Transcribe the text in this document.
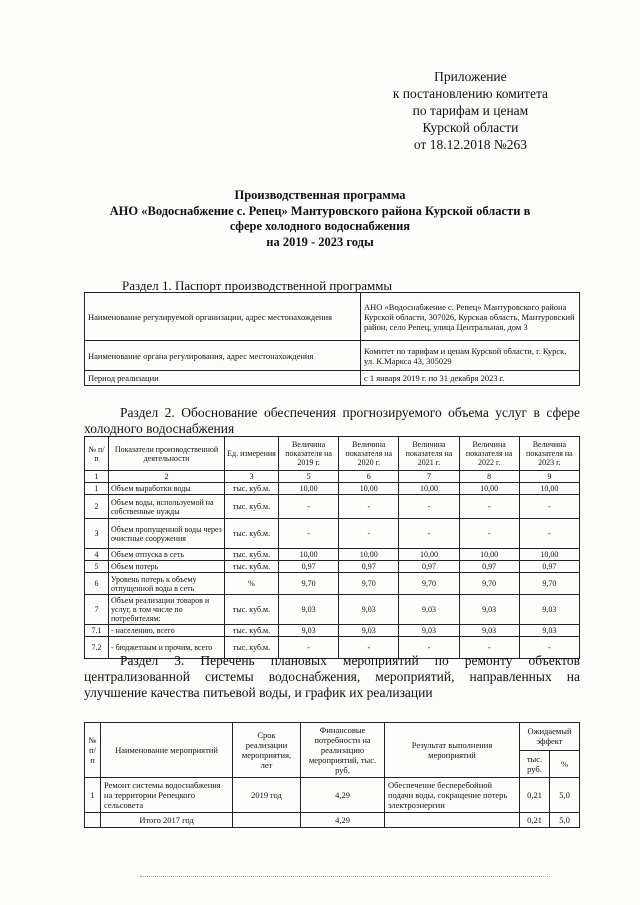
Приложение
к постановлению комитета
по тарифам и ценам
Курской области
от 18.12.2018 №263
Производственная программа
АНО «Водоснабжение с. Репец» Мантуровского района Курской области в
сфере холодного водоснабжения
на 2019 - 2023 годы
Раздел 1. Паспорт производственной программы
Наименование регулируемой организации, адрес местонахождения	АНО «Водоснабжение с. Репец» Мантуровского района Курской области, 307026, Курская область, Мантуровский район, село Репец, улица Центральная, дом 3
Наименование органа регулирования, адрес местонахождения	Комитет по тарифам и ценам Курской области, г. Курск, ул. К.Маркса 43, 305029
Период реализации	с 1 января 2019 г. по 31 декабря 2023 г.
Раздел 2. Обоснование обеспечения прогнозируемого объема услуг в сфере холодного водоснабжения
№ п/п	Показатели производственной деятельности	Ед. измерения	Величина показателя на 2019 г.	Величина показателя на 2020 г.	Величина показателя на 2021 г.	Величина показателя на 2022 г.	Величина показателя на 2023 г.
1	2	3	5	6	7	8	9
1	Объем выработки воды	тыс. куб.м.	10,00	10,00	10,00	10,00	10,00
2	Объем воды, используемой на собственные нужды	тыс. куб.м.	-	-	-	-	-
3	Объем пропущенной воды через очистные сооружения	тыс. куб.м.	-	-	-	-	-
4	Объем отпуска в сеть	тыс. куб.м.	10,00	10,00	10,00	10,00	10,00
5	Объем потерь	тыс. куб.м.	0,97	0,97	0,97	0,97	0,97
6	Уровень потерь к объему отпущенной воды в сеть	%	9,70	9,70	9,70	9,70	9,70
7	Объем реализации товаров и услуг, в том числе по потребителям:	тыс. куб.м.	9,03	9,03	9,03	9,03	9,03
7.1	- населению, всего	тыс. куб.м.	9,03	9,03	9,03	9,03	9,03
7.2	- бюджетным и прочим, всего	тыс. куб.м.	-	-	-	-	-
Раздел 3. Перечень плановых мероприятий по ремонту объектов централизованной системы водоснабжения, мероприятий, направленных на улучшение качества питьевой воды, и график их реализации
№ п/п	Наименование мероприятий	Срок реализации мероприятия, лет	Финансовые потребности на реализацию мероприятий, тыс. руб.	Результат выполнения мероприятий	Ожидаемый эффект	
					тыс. руб.	%
1	Ремонт системы водоснабжения на территории Репецкого сельсовета	2019 год	4,29	Обеспечение бесперебойной подачи воды, сокращение потерь электроэнергии	0,21	5,0
	Итого 2017 год		4,29		0,21	5,0
